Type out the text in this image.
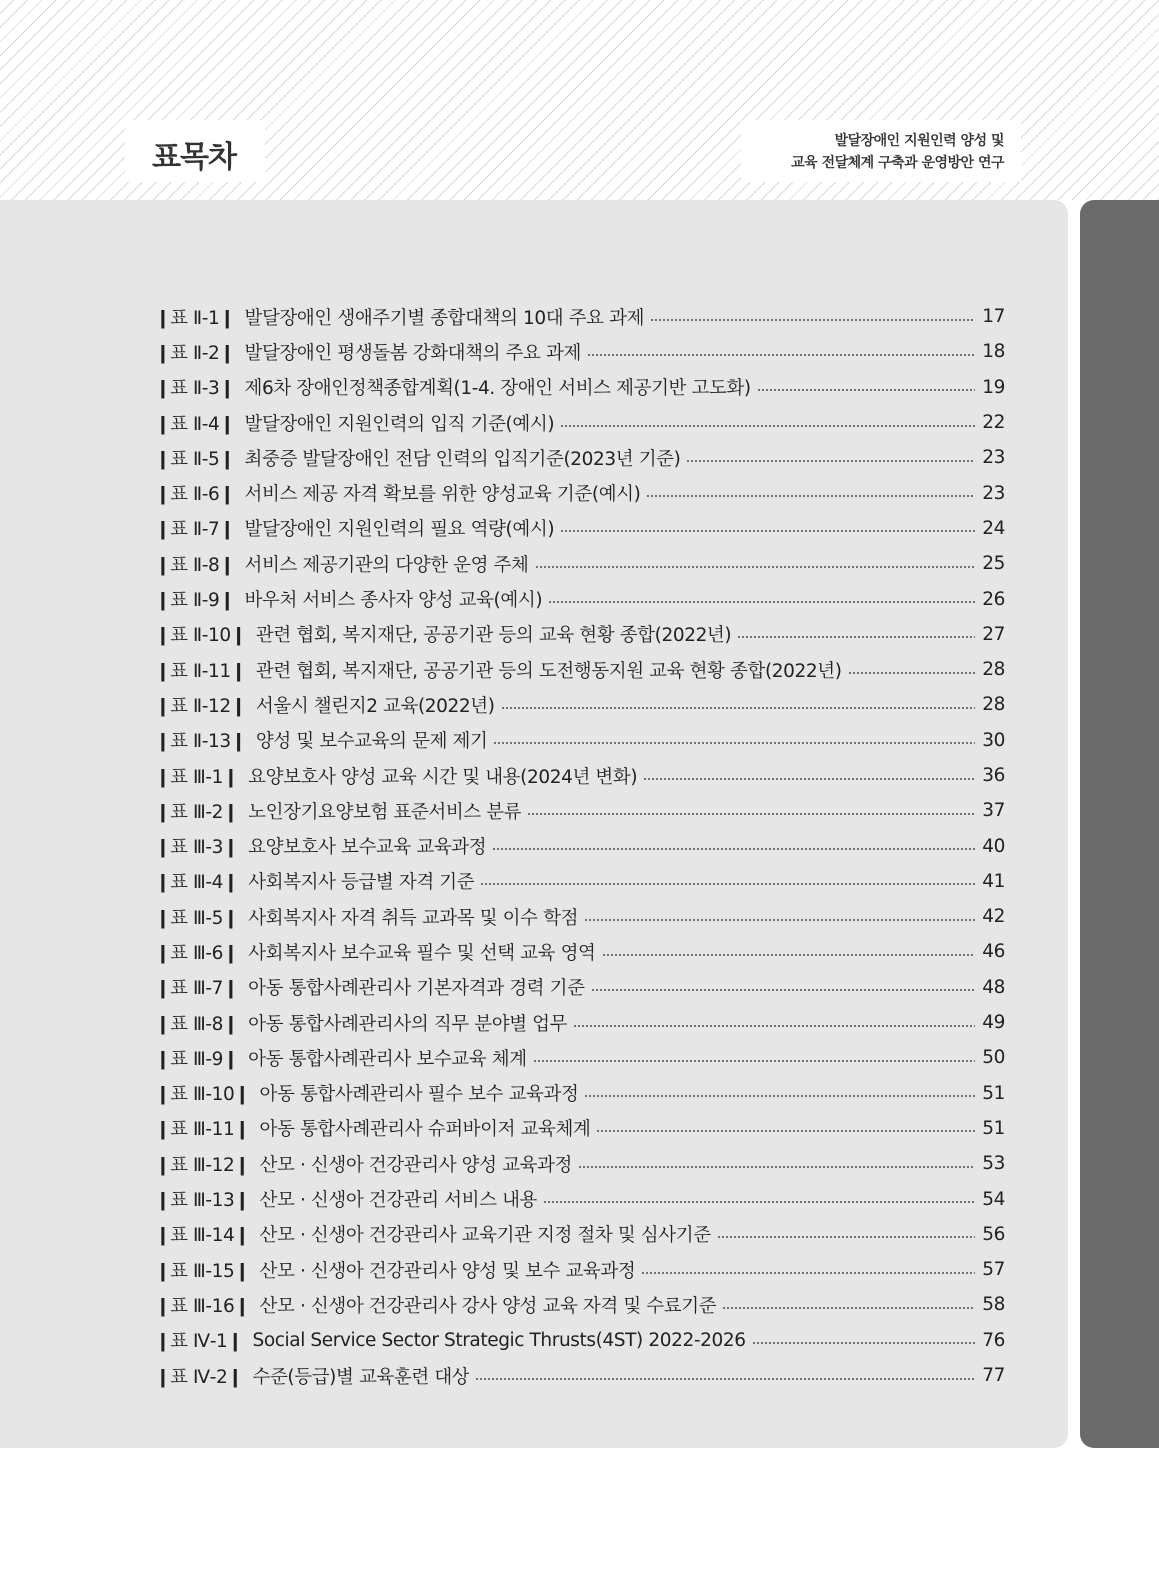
표목차	발달장애인 지원인력 양성 및
교육 전달체계 구축과 운영방안 연구
❙표 Ⅱ-1❙ 발달장애인 생애주기별 종합대책의 10대 주요 과제	17
❙표 Ⅱ-2❙ 발달장애인 평생돌봄 강화대책의 주요 과제	18
❙표 Ⅱ-3❙ 제6차 장애인정책종합계획(1-4. 장애인 서비스 제공기반 고도화)	19
❙표 Ⅱ-4❙ 발달장애인 지원인력의 입직 기준(예시)	22
❙표 Ⅱ-5❙ 최중증 발달장애인 전담 인력의 입직기준(2023년 기준)	23
❙표 Ⅱ-6❙ 서비스 제공 자격 확보를 위한 양성교육 기준(예시)	23
❙표 Ⅱ-7❙ 발달장애인 지원인력의 필요 역량(예시)	24
❙표 Ⅱ-8❙ 서비스 제공기관의 다양한 운영 주체	25
❙표 Ⅱ-9❙ 바우처 서비스 종사자 양성 교육(예시)	26
❙표 Ⅱ-10❙ 관련 협회, 복지재단, 공공기관 등의 교육 현황 종합(2022년)	27
❙표 Ⅱ-11❙ 관련 협회, 복지재단, 공공기관 등의 도전행동지원 교육 현황 종합(2022년)	28
❙표 Ⅱ-12❙ 서울시 챌린지2 교육(2022년)	28
❙표 Ⅱ-13❙ 양성 및 보수교육의 문제 제기	30
❙표 Ⅲ-1❙ 요양보호사 양성 교육 시간 및 내용(2024년 변화)	36
❙표 Ⅲ-2❙ 노인장기요양보험 표준서비스 분류	37
❙표 Ⅲ-3❙ 요양보호사 보수교육 교육과정	40
❙표 Ⅲ-4❙ 사회복지사 등급별 자격 기준	41
❙표 Ⅲ-5❙ 사회복지사 자격 취득 교과목 및 이수 학점	42
❙표 Ⅲ-6❙ 사회복지사 보수교육 필수 및 선택 교육 영역	46
❙표 Ⅲ-7❙ 아동 통합사례관리사 기본자격과 경력 기준	48
❙표 Ⅲ-8❙ 아동 통합사례관리사의 직무 분야별 업무	49
❙표 Ⅲ-9❙ 아동 통합사례관리사 보수교육 체계	50
❙표 Ⅲ-10❙ 아동 통합사례관리사 필수 보수 교육과정	51
❙표 Ⅲ-11❙ 아동 통합사례관리사 슈퍼바이저 교육체계	51
❙표 Ⅲ-12❙ 산모 · 신생아 건강관리사 양성 교육과정	53
❙표 Ⅲ-13❙ 산모 · 신생아 건강관리 서비스 내용	54
❙표 Ⅲ-14❙ 산모 · 신생아 건강관리사 교육기관 지정 절차 및 심사기준	56
❙표 Ⅲ-15❙ 산모 · 신생아 건강관리사 양성 및 보수 교육과정	57
❙표 Ⅲ-16❙ 산모 · 신생아 건강관리사 강사 양성 교육 자격 및 수료기준	58
❙표 Ⅳ-1❙ Social Service Sector Strategic Thrusts(4ST) 2022-2026	76
❙표 Ⅳ-2❙ 수준(등급)별 교육훈련 대상	77
